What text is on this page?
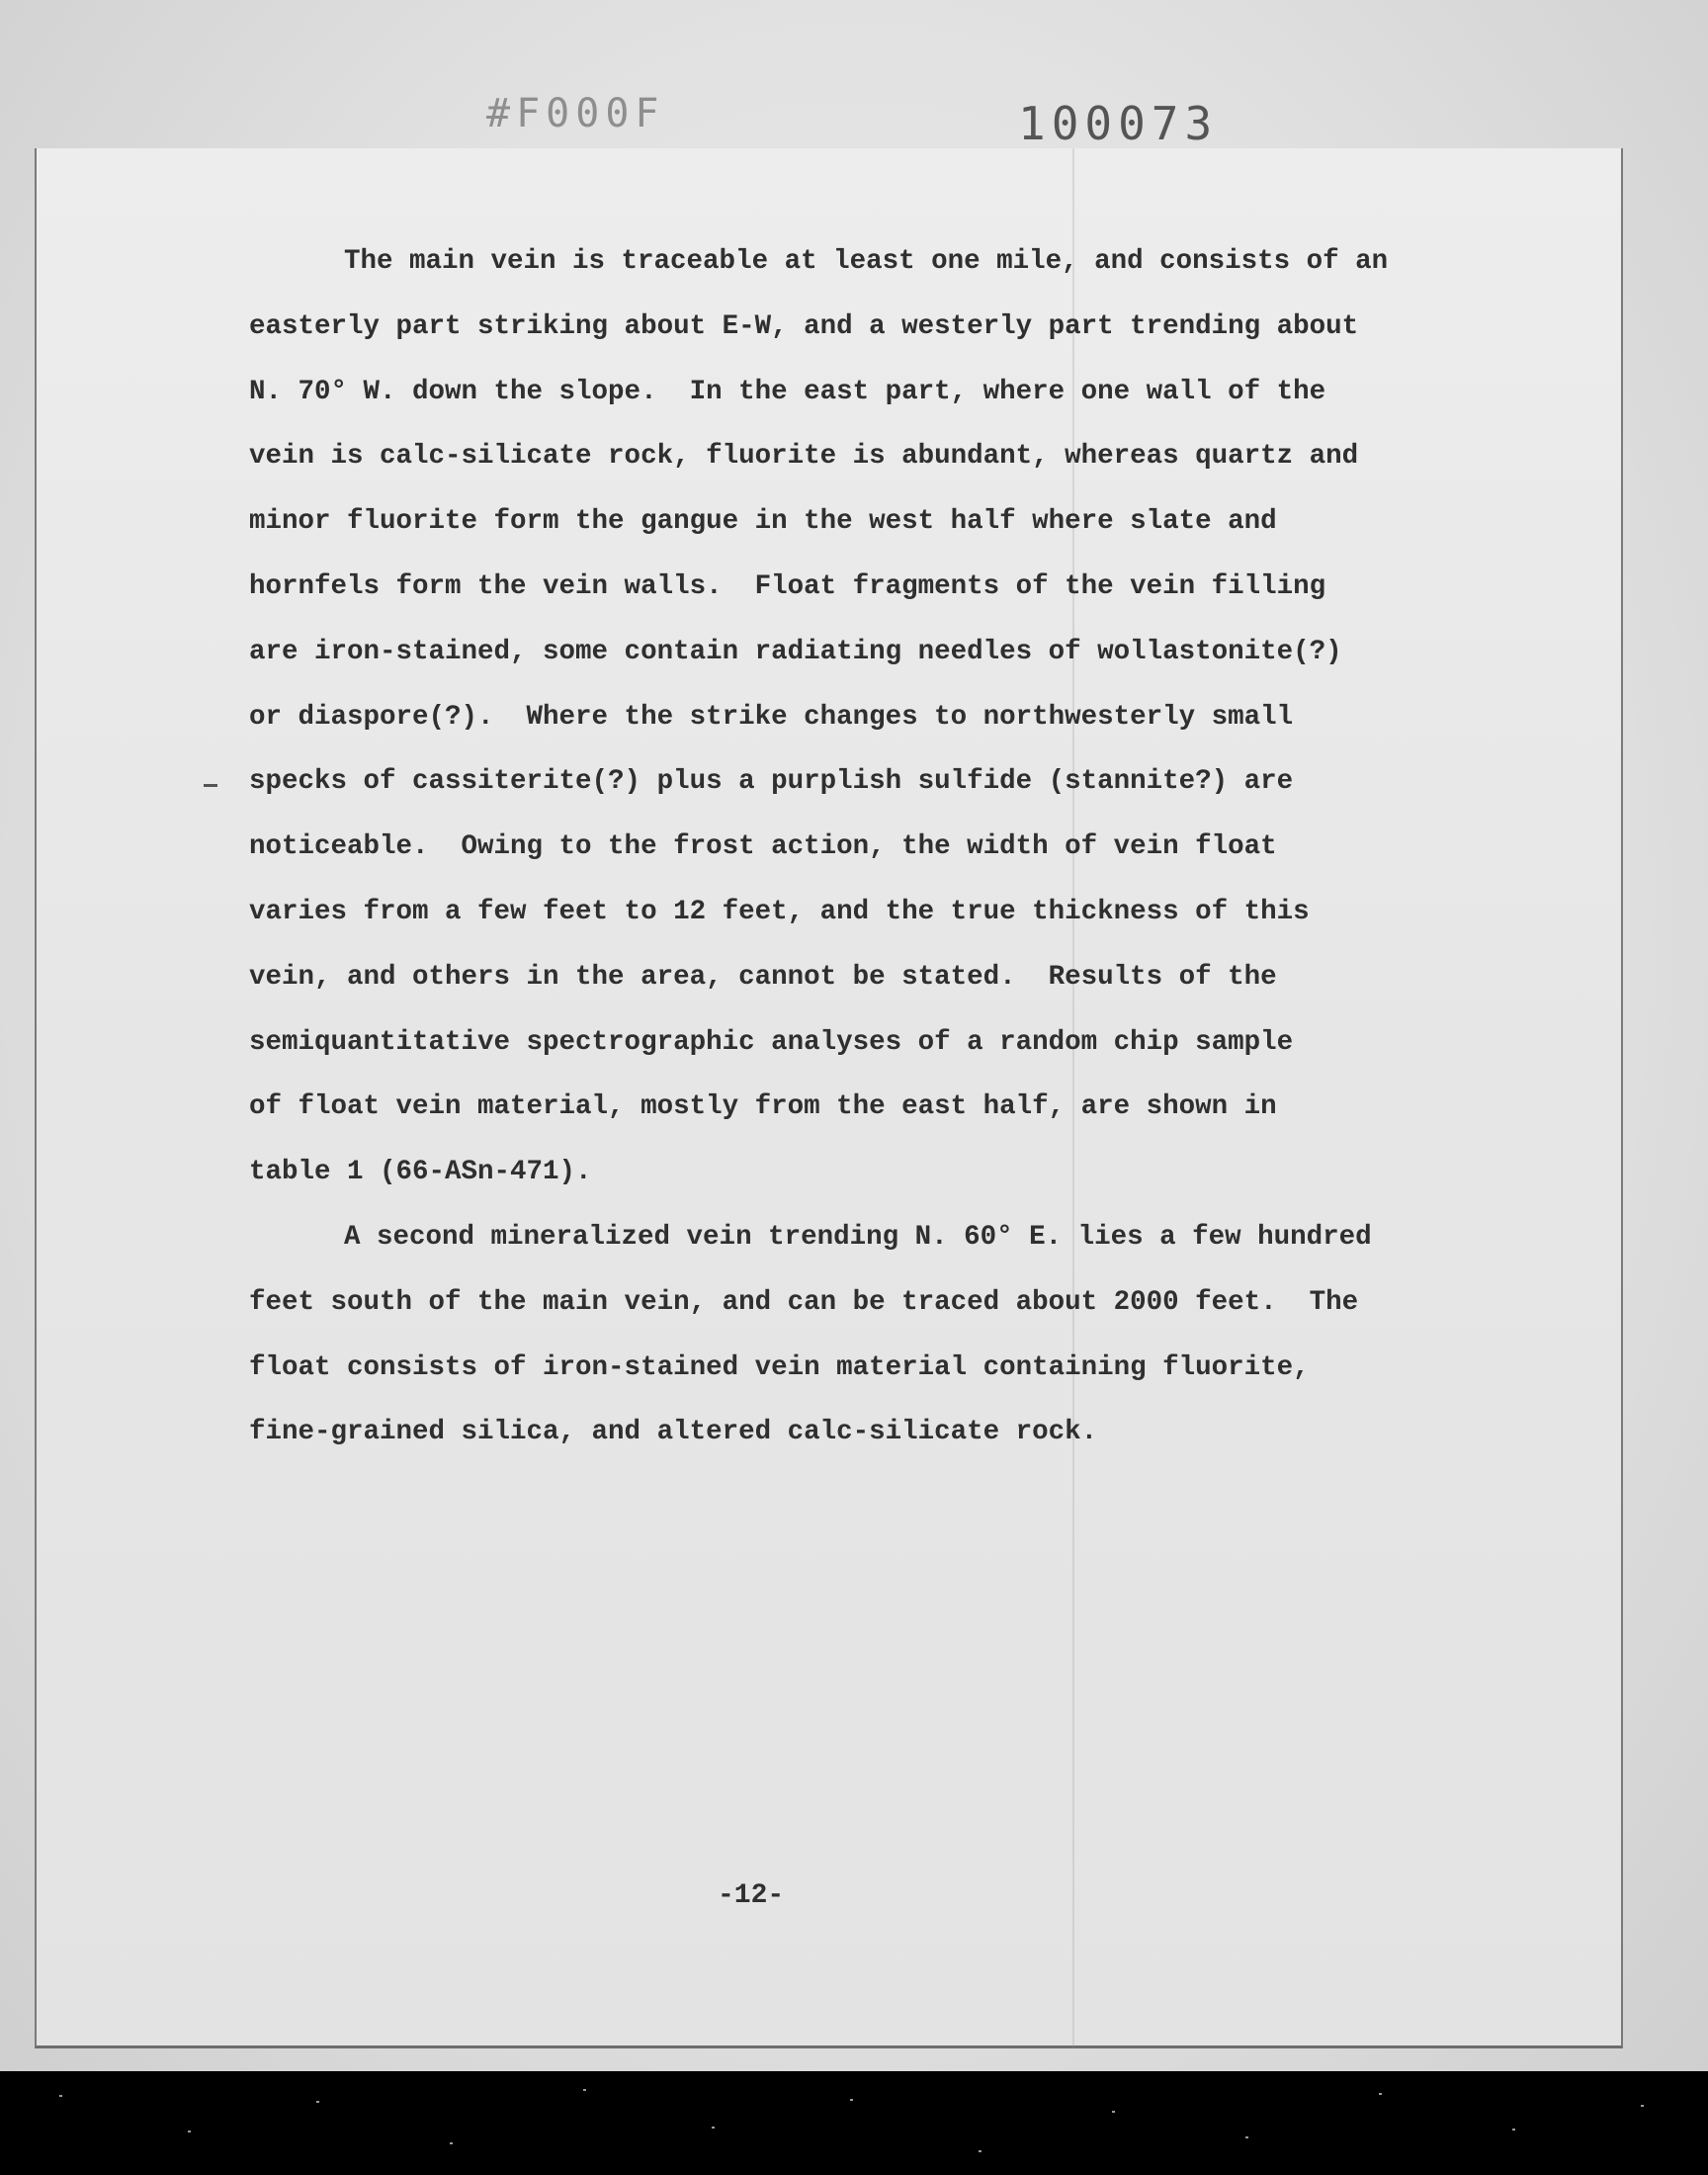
#F000F	100073
The main vein is traceable at least one mile, and consists of an
easterly part striking about E-W, and a westerly part trending about
N. 70° W. down the slope.  In the east part, where one wall of the
vein is calc-silicate rock, fluorite is abundant, whereas quartz and
minor fluorite form the gangue in the west half where slate and
hornfels form the vein walls.  Float fragments of the vein filling
are iron-stained, some contain radiating needles of wollastonite(?)
or diaspore(?).  Where the strike changes to northwesterly small
specks of cassiterite(?) plus a purplish sulfide (stannite?) are
noticeable.  Owing to the frost action, the width of vein float
varies from a few feet to 12 feet, and the true thickness of this
vein, and others in the area, cannot be stated.  Results of the
semiquantitative spectrographic analyses of a random chip sample
of float vein material, mostly from the east half, are shown in
table 1 (66-ASn-471).
A second mineralized vein trending N. 60° E. lies a few hundred
feet south of the main vein, and can be traced about 2000 feet.  The
float consists of iron-stained vein material containing fluorite,
fine-grained silica, and altered calc-silicate rock.
-12-
